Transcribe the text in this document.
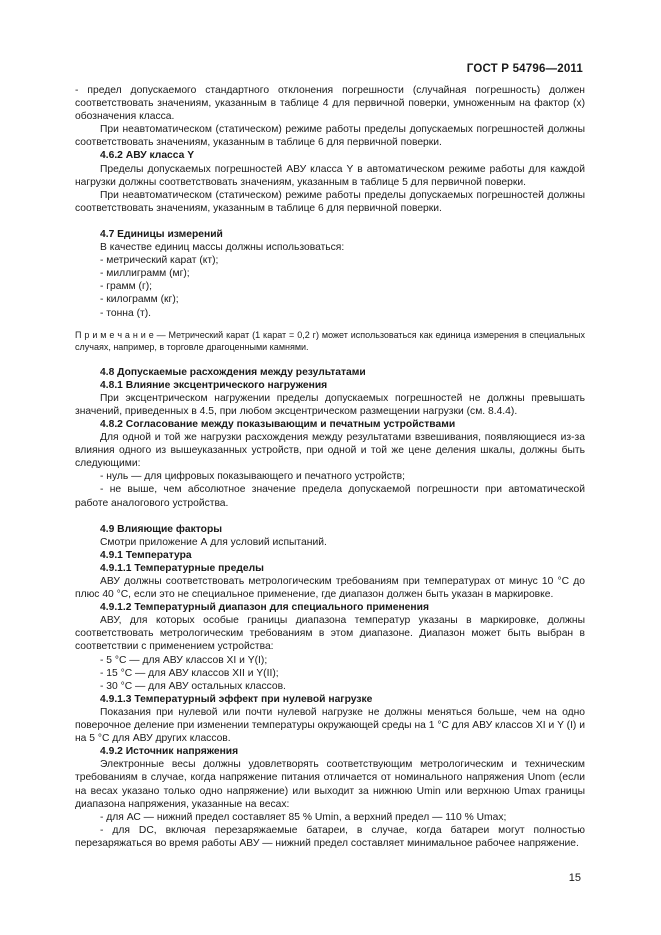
ГОСТ Р 54796—2011

- предел допускаемого стандартного отклонения погрешности (случайная погрешность) должен соответствовать значениям, указанным в таблице 4 для первичной поверки, умноженным на фактор (x) обозначения класса.

При неавтоматическом (статическом) режиме работы пределы допускаемых погрешностей должны соответствовать значениям, указанным в таблице 6 для первичной поверки.

4.6.2 АВУ класса Y

Пределы допускаемых погрешностей АВУ класса Y в автоматическом режиме работы для каждой нагрузки должны соответствовать значениям, указанным в таблице 5 для первичной поверки.

При неавтоматическом (статическом) режиме работы пределы допускаемых погрешностей должны соответствовать значениям, указанным в таблице 6 для первичной поверки.

4.7 Единицы измерений

В качестве единиц массы должны использоваться:

- метрический карат (кт);

- миллиграмм (мг);

- грамм (г);

- килограмм (кг);

- тонна (т).

П р и м е ч а н и е — Метрический карат (1 карат = 0,2 г) может использоваться как единица измерения в специальных случаях, например, в торговле драгоценными камнями.

4.8 Допускаемые расхождения между результатами

4.8.1 Влияние эксцентрического нагружения

При эксцентрическом нагружении пределы допускаемых погрешностей не должны превышать значений, приведенных в 4.5, при любом эксцентрическом размещении нагрузки (см. 8.4.4).

4.8.2 Согласование между показывающим и печатным устройствами

Для одной и той же нагрузки расхождения между результатами взвешивания, появляющиеся из-за влияния одного из вышеуказанных устройств, при одной и той же цене деления шкалы, должны быть следующими:

- нуль — для цифровых показывающего и печатного устройств;

- не выше, чем абсолютное значение предела допускаемой погрешности при автоматической работе аналогового устройства.

4.9 Влияющие факторы

Смотри приложение А для условий испытаний.

4.9.1 Температура

4.9.1.1 Температурные пределы

АВУ должны соответствовать метрологическим требованиям при температурах от минус 10 °С до плюс 40 °С, если это не специальное применение, где диапазон должен быть указан в маркировке.

4.9.1.2 Температурный диапазон для специального применения

АВУ, для которых особые границы диапазона температур указаны в маркировке, должны соответствовать метрологическим требованиям в этом диапазоне. Диапазон может быть выбран в соответствии с применением устройства:

- 5 °С — для АВУ классов XI и Y(I);

- 15 °С — для АВУ классов XII и Y(II);

- 30 °С — для АВУ остальных классов.

4.9.1.3 Температурный эффект при нулевой нагрузке

Показания при нулевой или почти нулевой нагрузке не должны меняться больше, чем на одно поверочное деление при изменении температуры окружающей среды на 1 °С для АВУ классов XI и Y (I) и на 5 °С для АВУ других классов.

4.9.2 Источник напряжения

Электронные весы должны удовлетворять соответствующим метрологическим и техническим требованиям в случае, когда напряжение питания отличается от номинального напряжения Unom (если на весах указано только одно напряжение) или выходит за нижнюю Umin или верхнюю Umax границы диапазона напряжения, указанные на весах:

- для АС — нижний предел составляет 85 % Umin, а верхний предел — 110 % Umax;

- для DC, включая перезаряжаемые батареи, в случае, когда батареи могут полностью перезаряжаться во время работы АВУ — нижний предел составляет минимальное рабочее напряжение.

15
